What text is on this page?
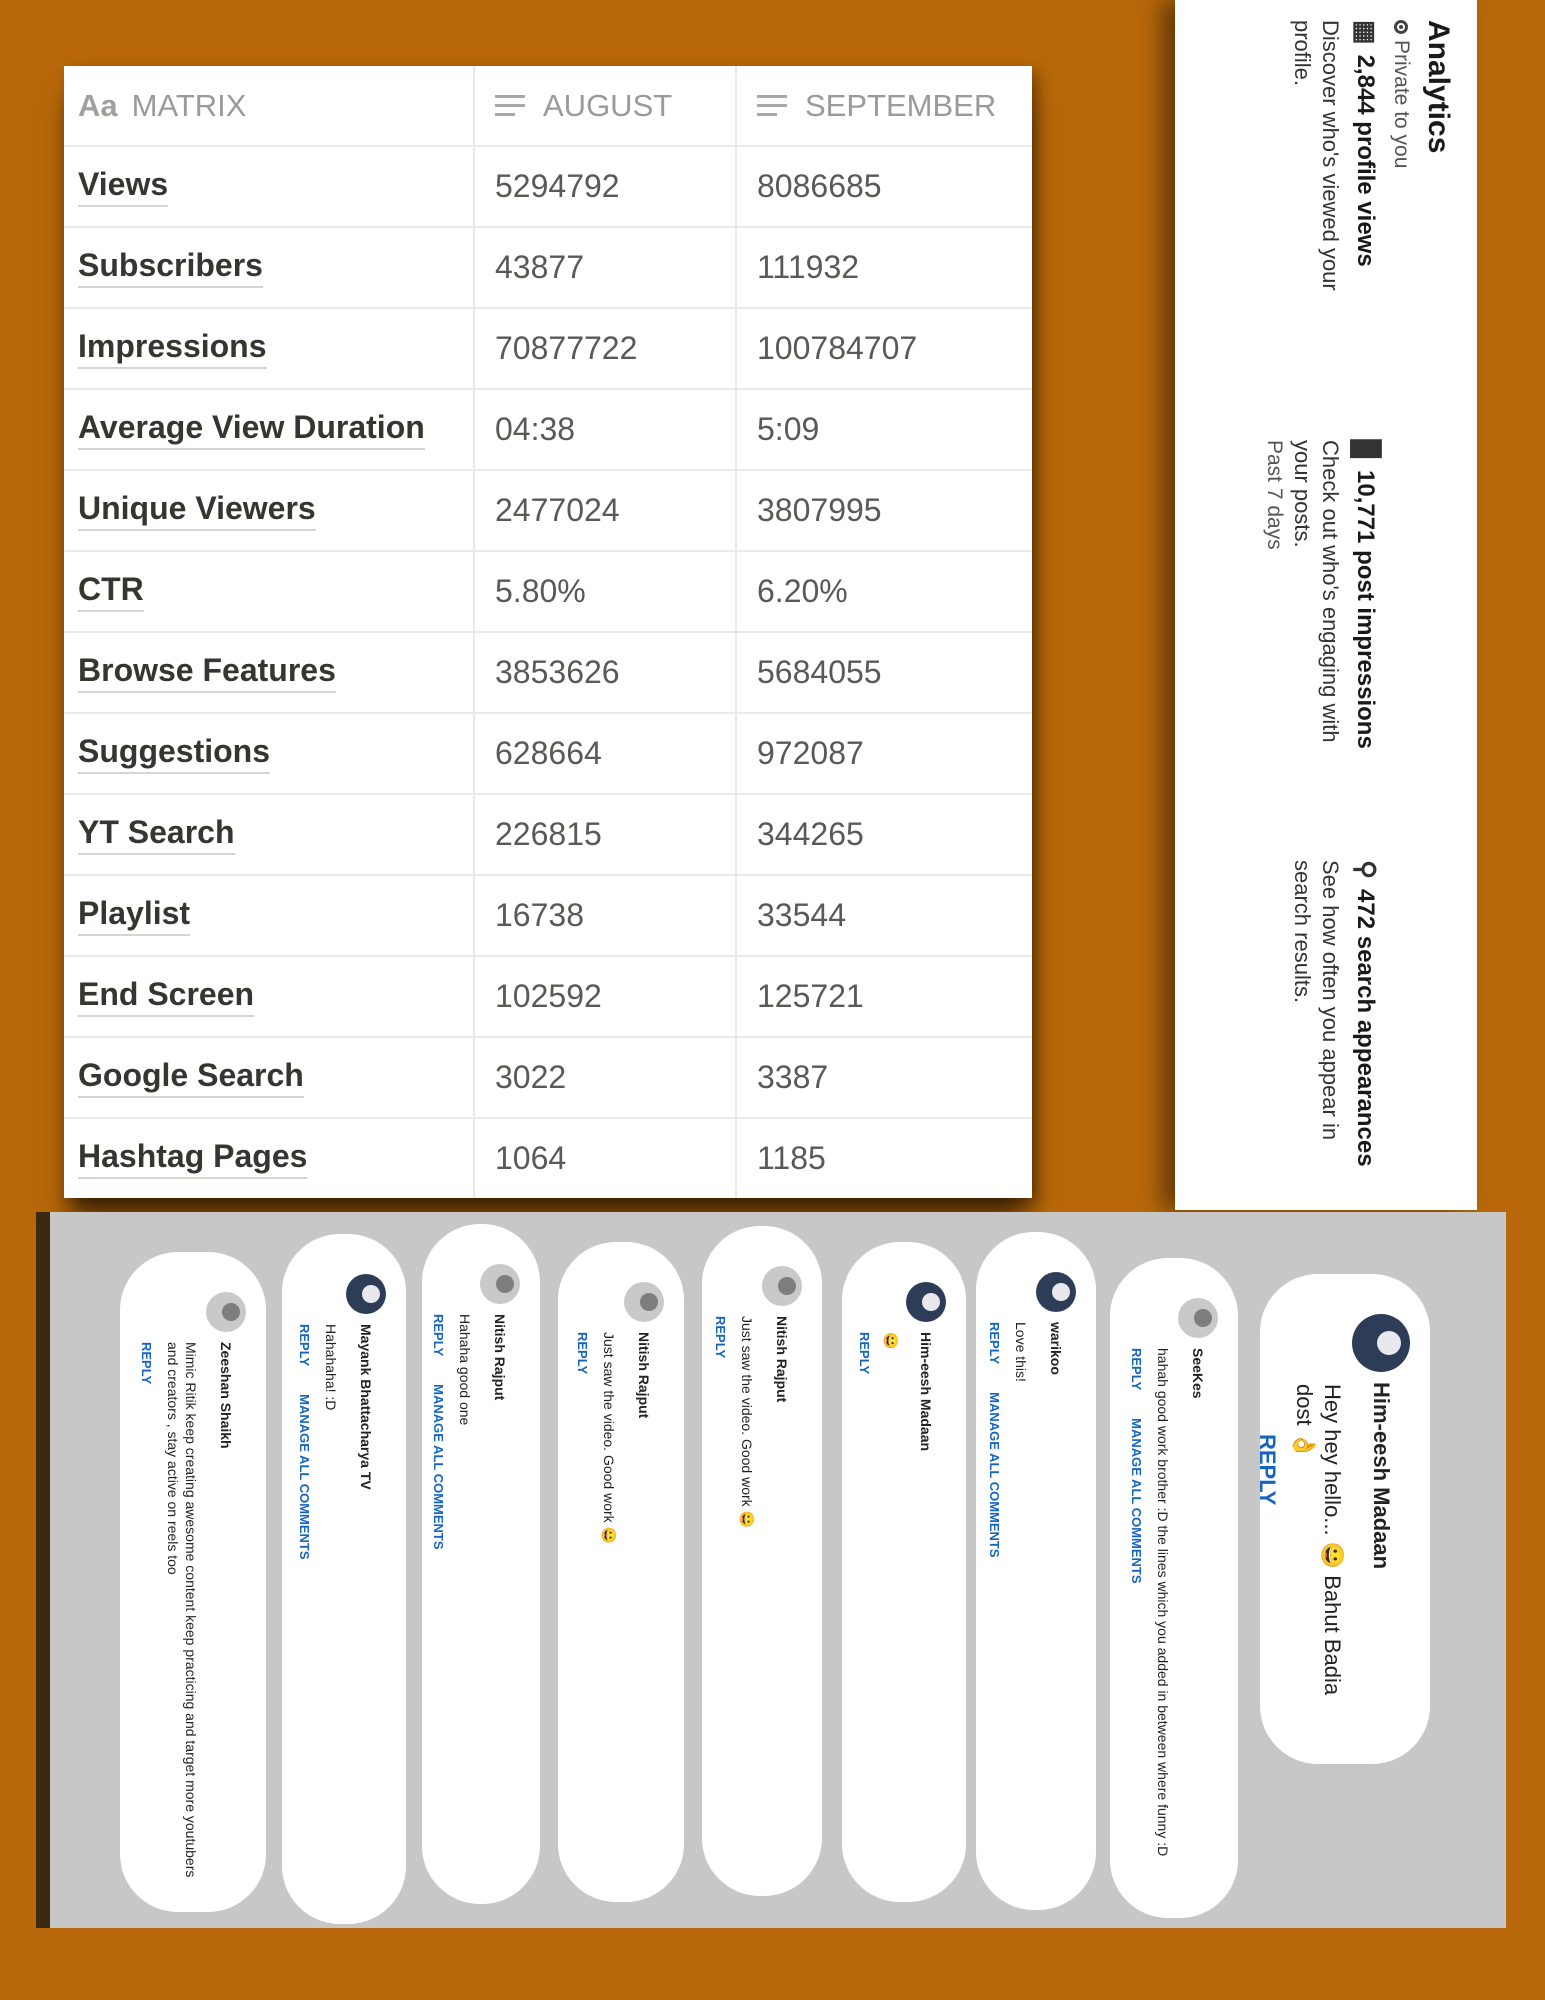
Aa MATRIX	AUGUST	SEPTEMBER
Views	5294792	8086685
Subscribers	43877	111932
Impressions	70877722	100784707
Average View Duration	04:38	5:09
Unique Viewers	2477024	3807995
CTR	5.80%	6.20%
Browse Features	3853626	5684055
Suggestions	628664	972087
YT Search	226815	344265
Playlist	16738	33544
End Screen	102592	125721
Google Search	3022	3387
Hashtag Pages	1064	1185
Analytics
Private to you
▦
2,844 profile views
Discover who's viewed your
profile.
▉
10,771 post impressions
Check out who's engaging with
your posts.
Past 7 days
⚲
472 search appearances
See how often you appear in
search results.
Him-eesh Madaan
Hey hey hello... 😀 Bahut Badia dost 👌
REPLY
SeeKes
hahah good work brother :D the lines which you added in between where funny :D
REPLY
MANAGE ALL COMMENTS
warikoo
Love this!
REPLY
MANAGE ALL COMMENTS
Him-eesh Madaan
😀
REPLY
Nitish Rajput
Just saw the video. Good work 😀
REPLY
Nitish Rajput
Just saw the video. Good work 😀
REPLY
Nitish Rajput
Hahaha good one
REPLY
MANAGE ALL COMMENTS
Mayank Bhattacharya TV
Hahahaha! :D
REPLY
MANAGE ALL COMMENTS
Zeeshan Shaikh
Mimic Ritik keep creating awesome content keep practicing and target more youtubers and creators , stay active on reels too
REPLY
